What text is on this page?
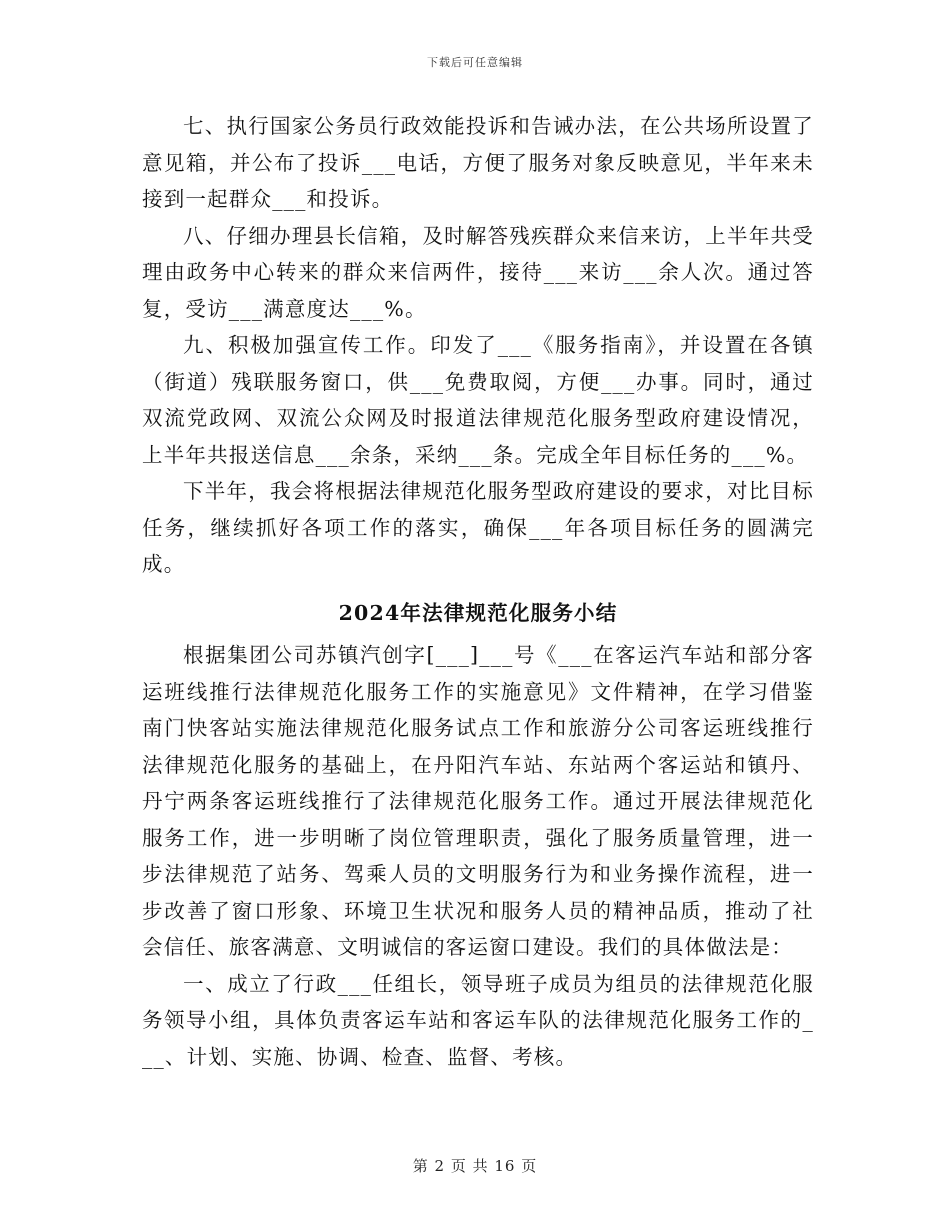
下载后可任意编辑

七、执行国家公务员行政效能投诉和告诫办法，在公共场所设置了意见箱，并公布了投诉___电话，方便了服务对象反映意见，半年来未接到一起群众___和投诉。

八、仔细办理县长信箱，及时解答残疾群众来信来访，上半年共受理由政务中心转来的群众来信两件，接待___来访___余人次。通过答复，受访___满意度达___%。

九、积极加强宣传工作。印发了___《服务指南》，并设置在各镇（街道）残联服务窗口，供___免费取阅，方便___办事。同时，通过双流党政网、双流公众网及时报道法律规范化服务型政府建设情况，上半年共报送信息___余条，采纳___条。完成全年目标任务的___%。

下半年，我会将根据法律规范化服务型政府建设的要求，对比目标任务，继续抓好各项工作的落实，确保___年各项目标任务的圆满完成。

2024年法律规范化服务小结

根据集团公司苏镇汽创字[___]___号《___在客运汽车站和部分客运班线推行法律规范化服务工作的实施意见》文件精神，在学习借鉴南门快客站实施法律规范化服务试点工作和旅游分公司客运班线推行法律规范化服务的基础上，在丹阳汽车站、东站两个客运站和镇丹、丹宁两条客运班线推行了法律规范化服务工作。通过开展法律规范化服务工作，进一步明晰了岗位管理职责，强化了服务质量管理，进一步法律规范了站务、驾乘人员的文明服务行为和业务操作流程，进一步改善了窗口形象、环境卫生状况和服务人员的精神品质，推动了社会信任、旅客满意、文明诚信的客运窗口建设。我们的具体做法是：

一、成立了行政___任组长，领导班子成员为组员的法律规范化服务领导小组，具体负责客运车站和客运车队的法律规范化服务工作的___、计划、实施、协调、检查、监督、考核。

第 2 页 共 16 页
